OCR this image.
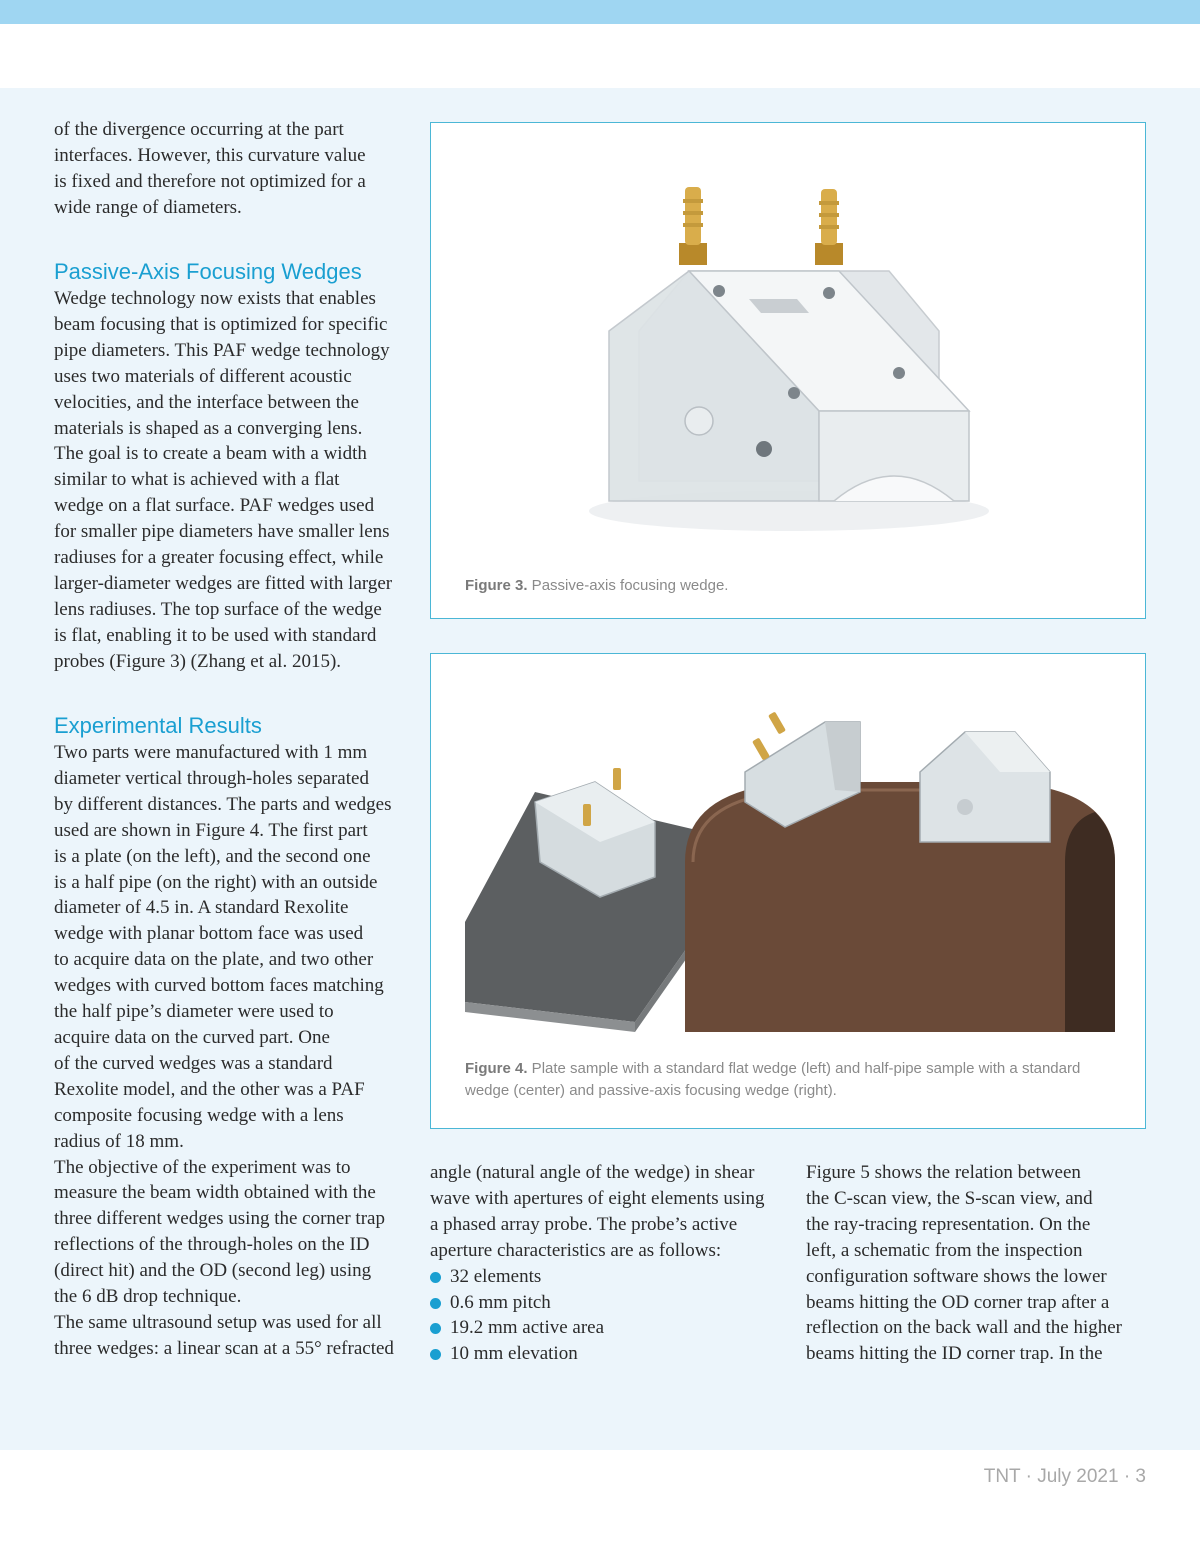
of the divergence occurring at the part
interfaces. However, this curvature value
is fixed and therefore not optimized for a
wide range of diameters.

Passive-Axis Focusing Wedges

Wedge technology now exists that enables
beam focusing that is optimized for specific
pipe diameters. This PAF wedge technology
uses two materials of different acoustic
velocities, and the interface between the
materials is shaped as a converging lens.
The goal is to create a beam with a width
similar to what is achieved with a flat
wedge on a flat surface. PAF wedges used
for smaller pipe diameters have smaller lens
radiuses for a greater focusing effect, while
larger-diameter wedges are fitted with larger
lens radiuses. The top surface of the wedge
is flat, enabling it to be used with standard
probes (Figure 3) (Zhang et al. 2015).

Experimental Results

Two parts were manufactured with 1 mm
diameter vertical through-holes separated
by different distances. The parts and wedges
used are shown in Figure 4. The first part
is a plate (on the left), and the second one
is a half pipe (on the right) with an outside
diameter of 4.5 in. A standard Rexolite
wedge with planar bottom face was used
to acquire data on the plate, and two other
wedges with curved bottom faces matching
the half pipe’s diameter were used to
acquire data on the curved part. One
of the curved wedges was a standard
Rexolite model, and the other was a PAF
composite focusing wedge with a lens
radius of 18 mm.

The objective of the experiment was to
measure the beam width obtained with the
three different wedges using the corner trap
reflections of the through-holes on the ID
(direct hit) and the OD (second leg) using
the 6 dB drop technique.

The same ultrasound setup was used for all
three wedges: a linear scan at a 55° refracted

Figure 3. Passive-axis focusing wedge.
Figure 4. Plate sample with a standard flat wedge (left) and half-pipe sample with a standard wedge (center) and passive-axis focusing wedge (right).

angle (natural angle of the wedge) in shear
wave with apertures of eight elements using
a phased array probe. The probe’s active
aperture characteristics are as follows:

32 elements
0.6 mm pitch
19.2 mm active area
10 mm elevation

Figure 5 shows the relation between
the C-scan view, the S-scan view, and
the ray-tracing representation. On the
left, a schematic from the inspection
configuration software shows the lower
beams hitting the OD corner trap after a
reflection on the back wall and the higher
beams hitting the ID corner trap. In the

TNT · July 2021 · 3
